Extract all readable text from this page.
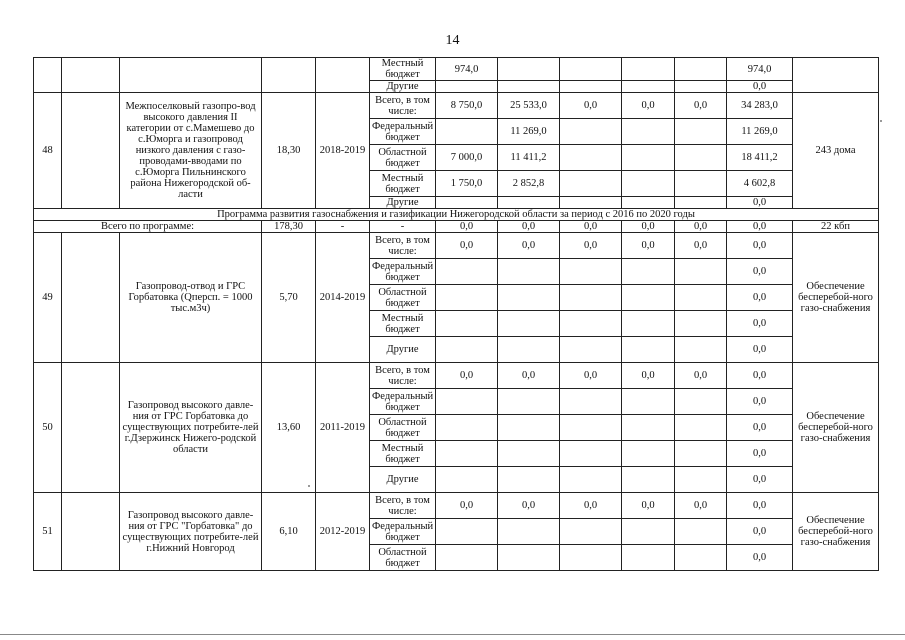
14
					Местный бюджет	974,0					974,0	
					Другие						0,0	
48		Межпоселковый газопро-вод высокого давления II категории от с.Мамешево до с.Юморга и газопровод низкого давления с газо-проводами-вводами по с.Юморга Пильнинского района Нижегородской об-ласти	18,30	2018-2019	Всего, в том числе:	8 750,0	25 533,0	0,0	0,0	0,0	34 283,0	243 дома
					Федеральный бюджет		11 269,0				11 269,0	
					Областной бюджет	7 000,0	11 411,2				18 411,2	
					Местный бюджет	1 750,0	2 852,8				4 602,8	
					Другие						0,0	
Программа развития газоснабжения и газификации Нижегородской области за период с 2016 по 2020 годы												
Всего по программе:			178,30	-	-	0,0	0,0	0,0	0,0	0,0	0,0	22 кбп
49		Газопровод-отвод и ГРС Горбатовка (Qперсп. = 1000 тыс.м3ч)	5,70	2014-2019	Всего, в том числе:	0,0	0,0	0,0	0,0	0,0	0,0	Обеспечение бесперебой-ного газо-снабжения
					Федеральный бюджет						0,0	
					Областной бюджет						0,0	
					Местный бюджет						0,0	
					Другие						0,0	
50		Газопровод высокого давле-ния от ГРС Горбатовка до существующих потребите-лей г.Дзержинск Нижего-родской области	13,60	2011-2019	Всего, в том числе:	0,0	0,0	0,0	0,0	0,0	0,0	Обеспечение бесперебой-ного газо-снабжения
					Федеральный бюджет						0,0	
					Областной бюджет						0,0	
					Местный бюджет						0,0	
					Другие						0,0	
51		Газопровод высокого давле-ния от ГРС "Горбатовка" до существующих потребите-лей г.Нижний Новгород	6,10	2012-2019	Всего, в том числе:	0,0	0,0	0,0	0,0	0,0	0,0	Обеспечение бесперебой-ного газо-снабжения
					Федеральный бюджет						0,0	
					Областной бюджет						0,0	
